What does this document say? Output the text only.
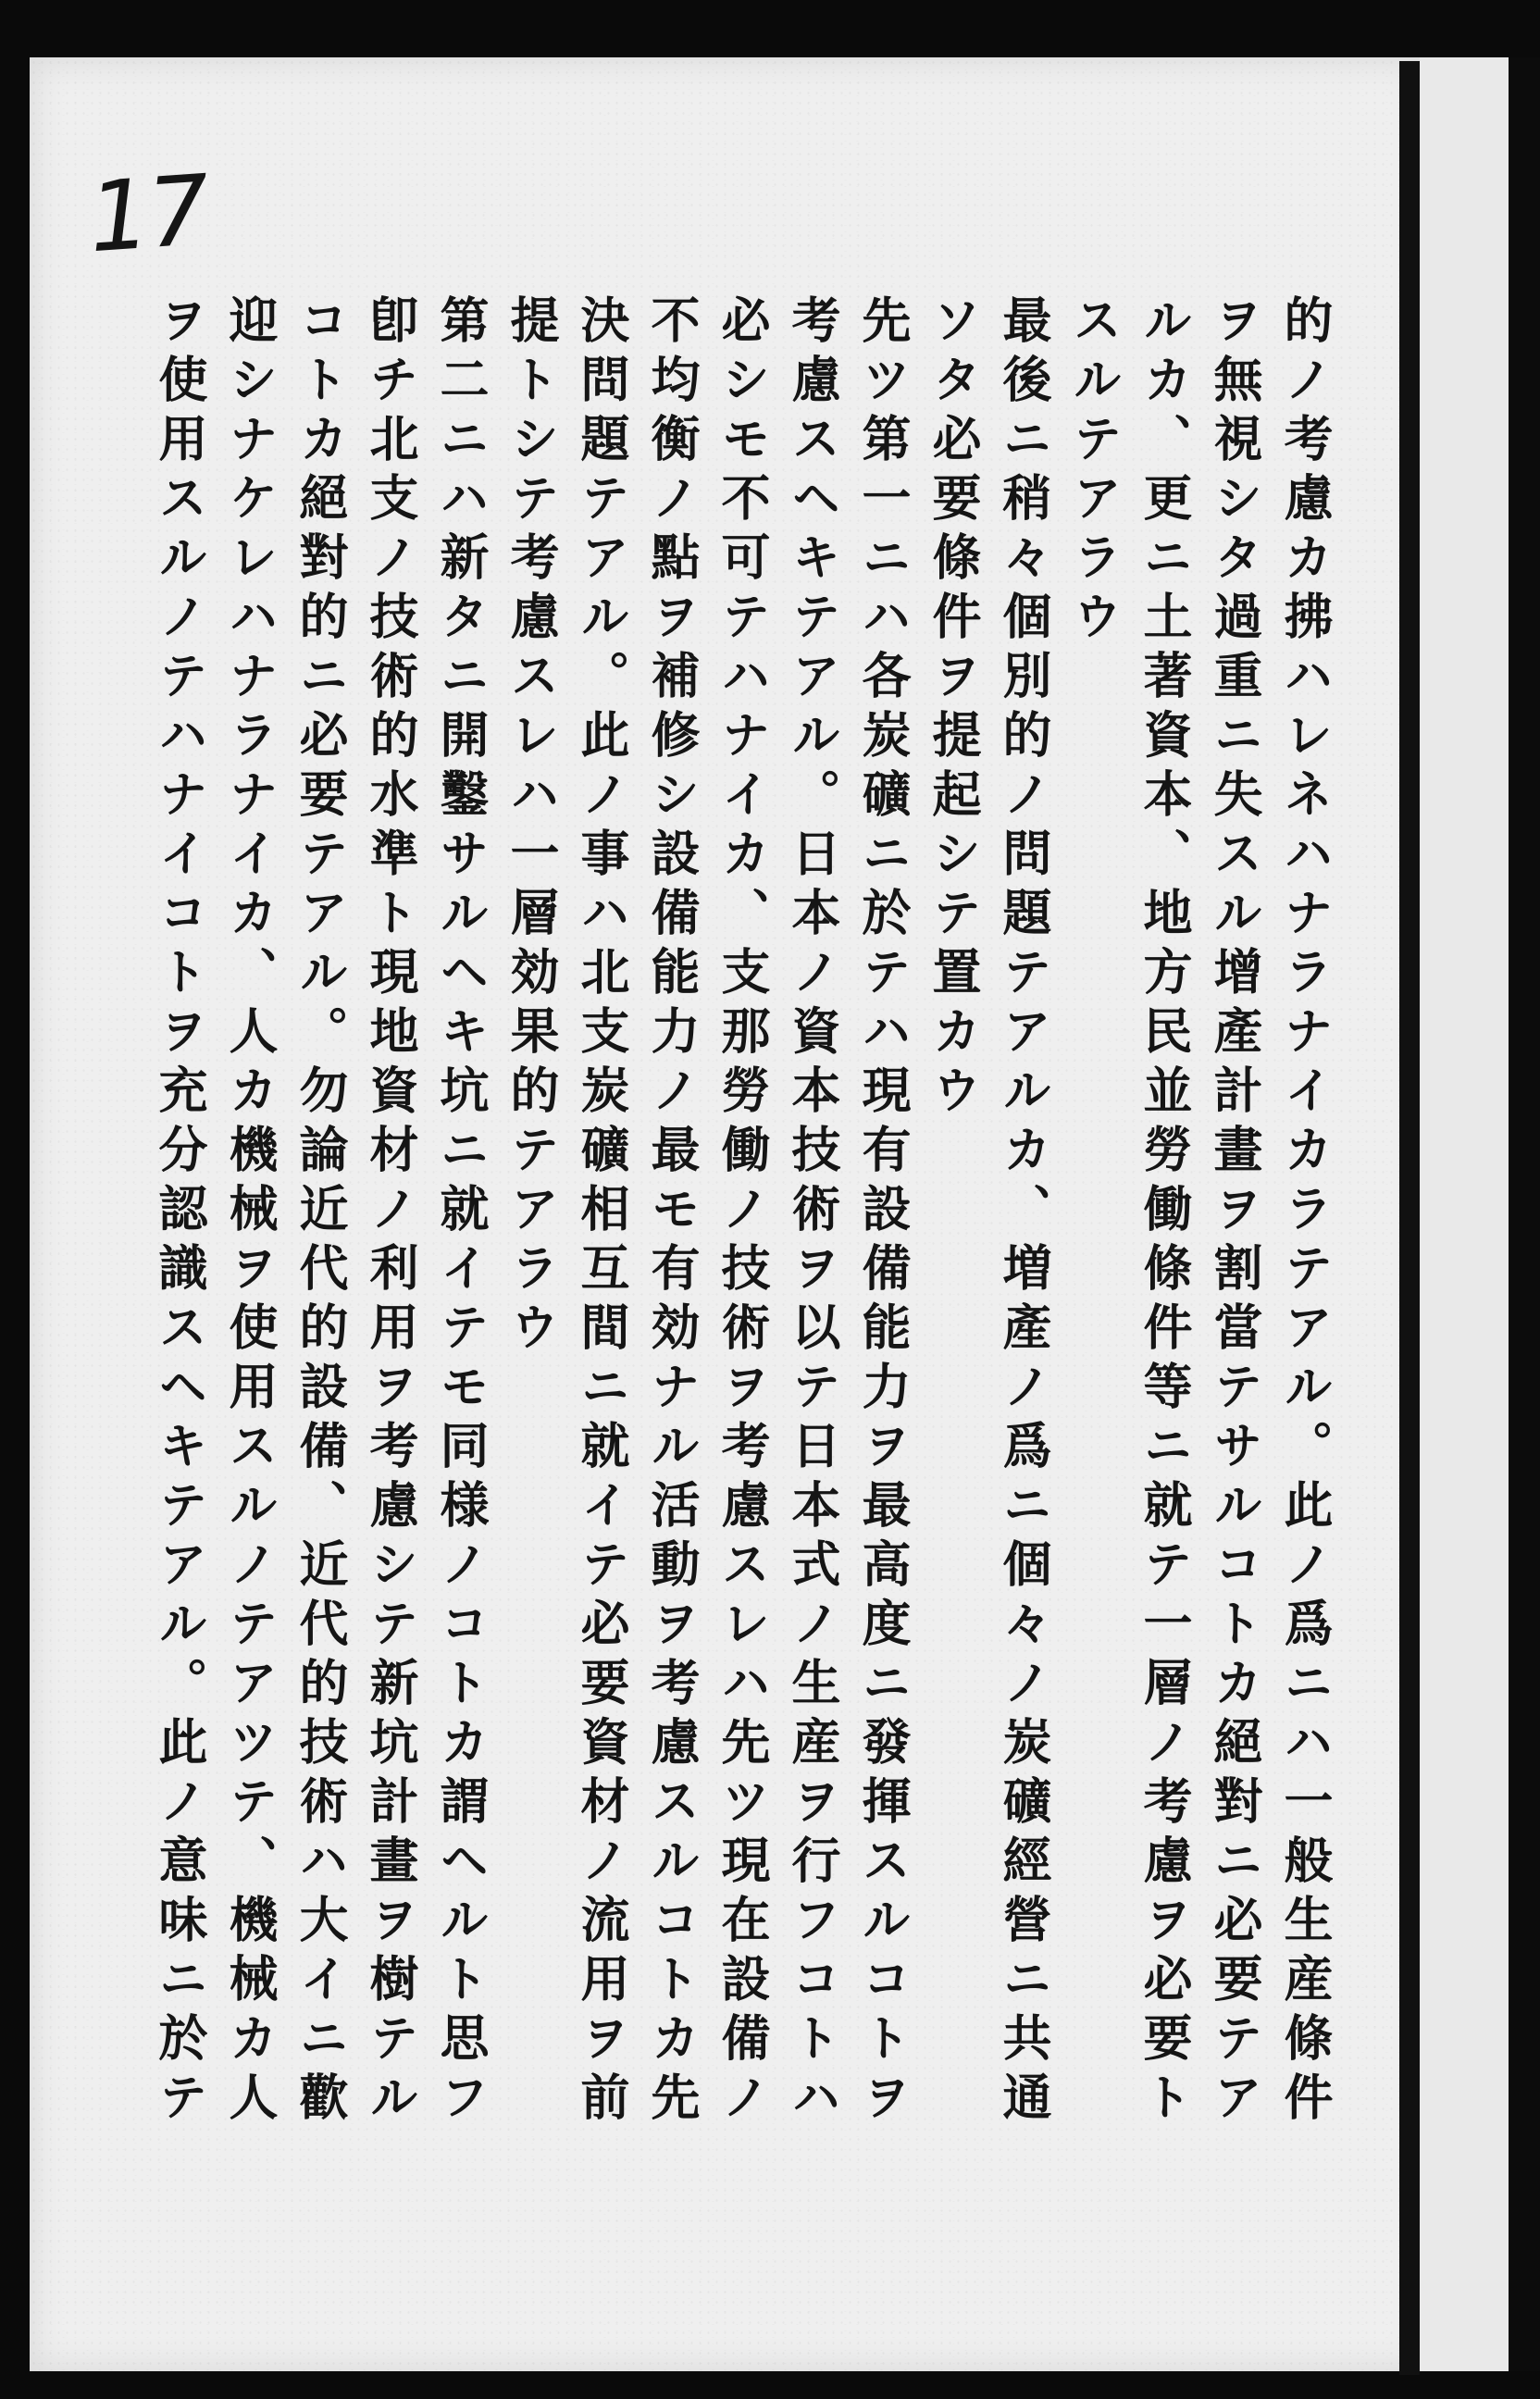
17
的ノ考慮カ拂ハレネハナラナイカラテアル。此ノ爲ニハ一般生産條件
ヲ無視シタ過重ニ失スル增產計畫ヲ割當テサルコトカ絕對ニ必要テア
ルカ、更ニ土著資本、地方民並勞働條件等ニ就テ一層ノ考慮ヲ必要ト
スルテアラウ
最後ニ稍々個別的ノ問題テアルカ、増產ノ爲ニ個々ノ炭礦經營ニ共通
ソタ必要條件ヲ提起シテ置カウ
先ツ第一ニハ各炭礦ニ於テハ現有設備能力ヲ最高度ニ發揮スルコトヲ
考慮スヘキテアル。日本ノ資本技術ヲ以テ日本式ノ生産ヲ行フコトハ
必シモ不可テハナイカ、支那勞働ノ技術ヲ考慮スレハ先ツ現在設備ノ
不均衡ノ點ヲ補修シ設備能力ノ最モ有効ナル活動ヲ考慮スルコトカ先
決問題テアル。此ノ事ハ北支炭礦相互間ニ就イテ必要資材ノ流用ヲ前
提トシテ考慮スレハ一層効果的テアラウ
第二ニハ新タニ開鑿サルヘキ坑ニ就イテモ同様ノコトカ謂ヘルト思フ
卽チ北支ノ技術的水準ト現地資材ノ利用ヲ考慮シテ新坑計畫ヲ樹テル
コトカ絕對的ニ必要テアル。勿論近代的設備、近代的技術ハ大イニ歡
迎シナケレハナラナイカ、人カ機械ヲ使用スルノテアツテ、機械カ人
ヲ使用スルノテハナイコトヲ充分認識スヘキテアル。此ノ意味ニ於テ
